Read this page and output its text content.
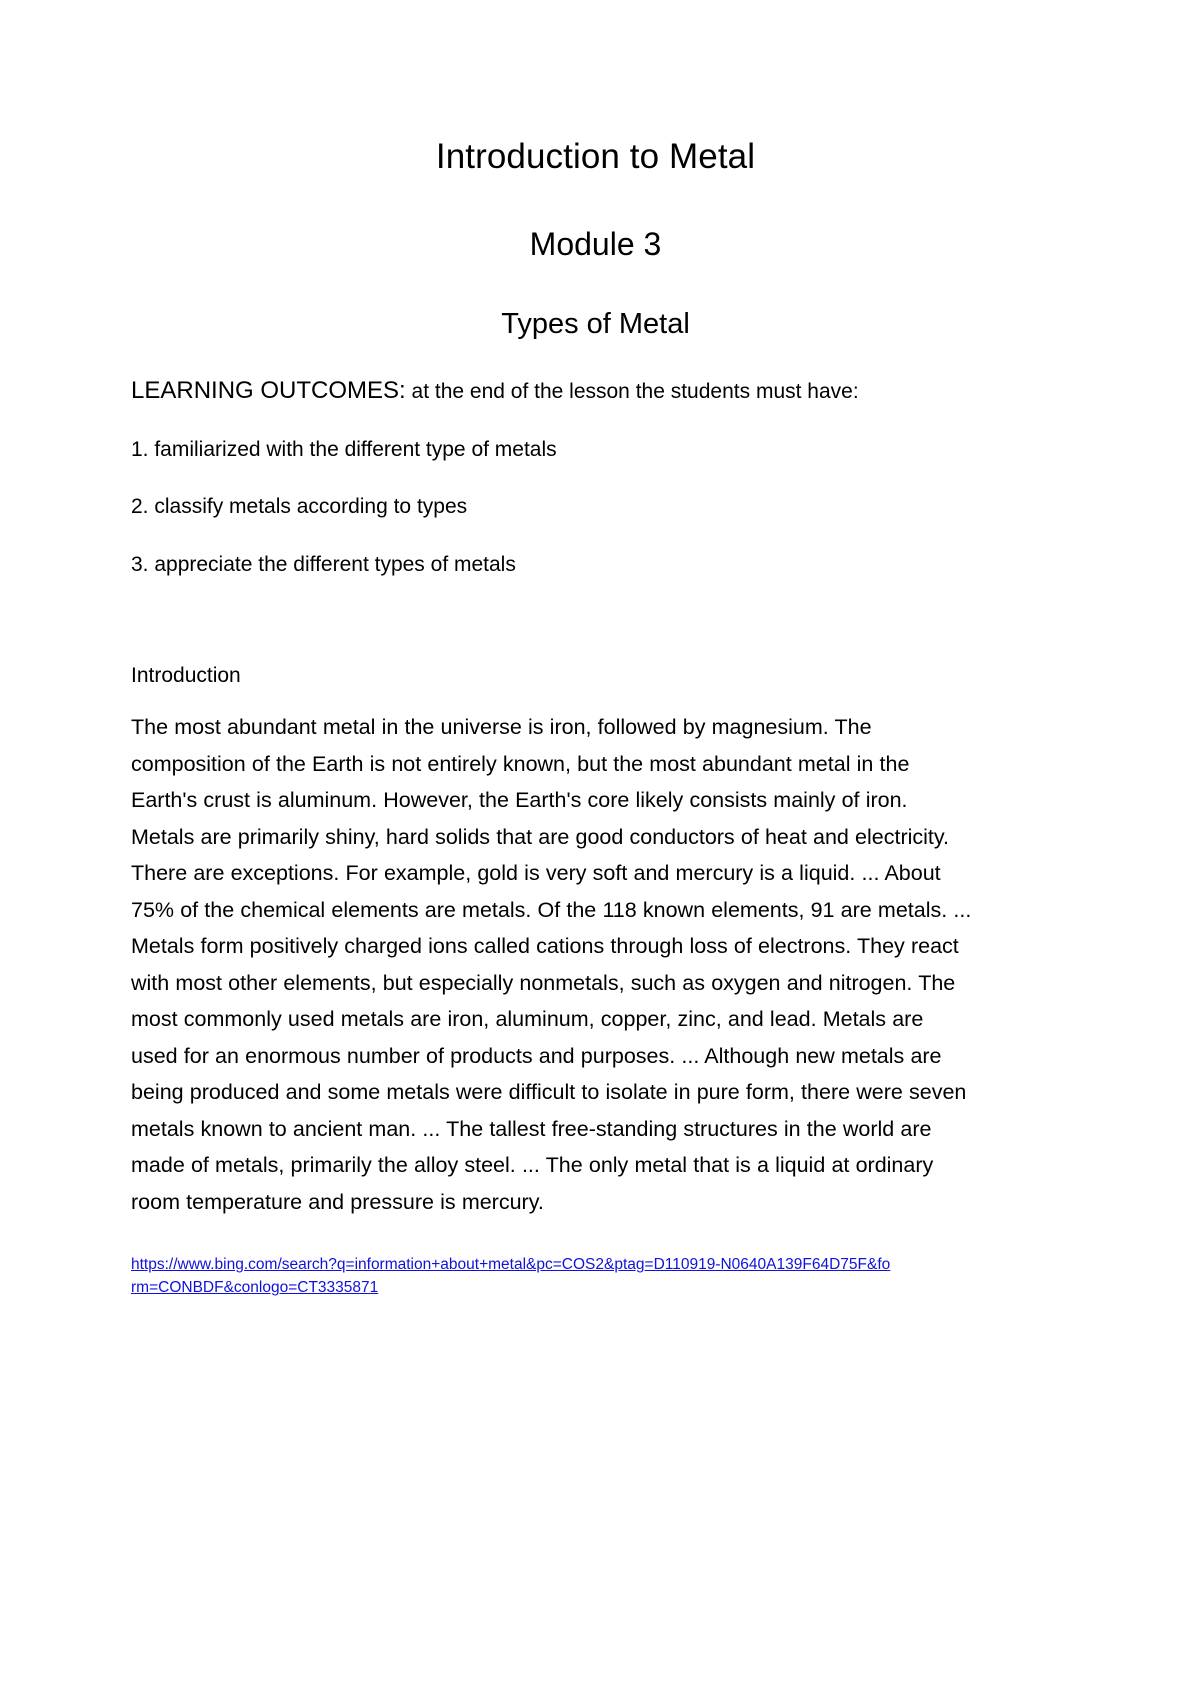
Introduction to Metal
Module 3
Types of Metal

LEARNING OUTCOMES: at the end of the lesson the students must have:

1. familiarized with the different type of metals

2. classify metals according to types

3. appreciate the different types of metals

Introduction

The most abundant metal in the universe is iron, followed by magnesium. The composition of the Earth is not entirely known, but the most abundant metal in the Earth's crust is aluminum. However, the Earth's core likely consists mainly of iron. Metals are primarily shiny, hard solids that are good conductors of heat and electricity. There are exceptions. For example, gold is very soft and mercury is a liquid. ... About 75% of the chemical elements are metals. Of the 118 known elements, 91 are metals. ... Metals form positively charged ions called cations through loss of electrons. They react with most other elements, but especially nonmetals, such as oxygen and nitrogen. The most commonly used metals are iron, aluminum, copper, zinc, and lead. Metals are used for an enormous number of products and purposes. ... Although new metals are being produced and some metals were difficult to isolate in pure form, there were seven metals known to ancient man. ... The tallest free-standing structures in the world are made of metals, primarily the alloy steel. ... The only metal that is a liquid at ordinary room temperature and pressure is mercury.

https://www.bing.com/search?q=information+about+metal&pc=COS2&ptag=D110919-N0640A139F64D75F&form=CONBDF&conlogo=CT3335871
